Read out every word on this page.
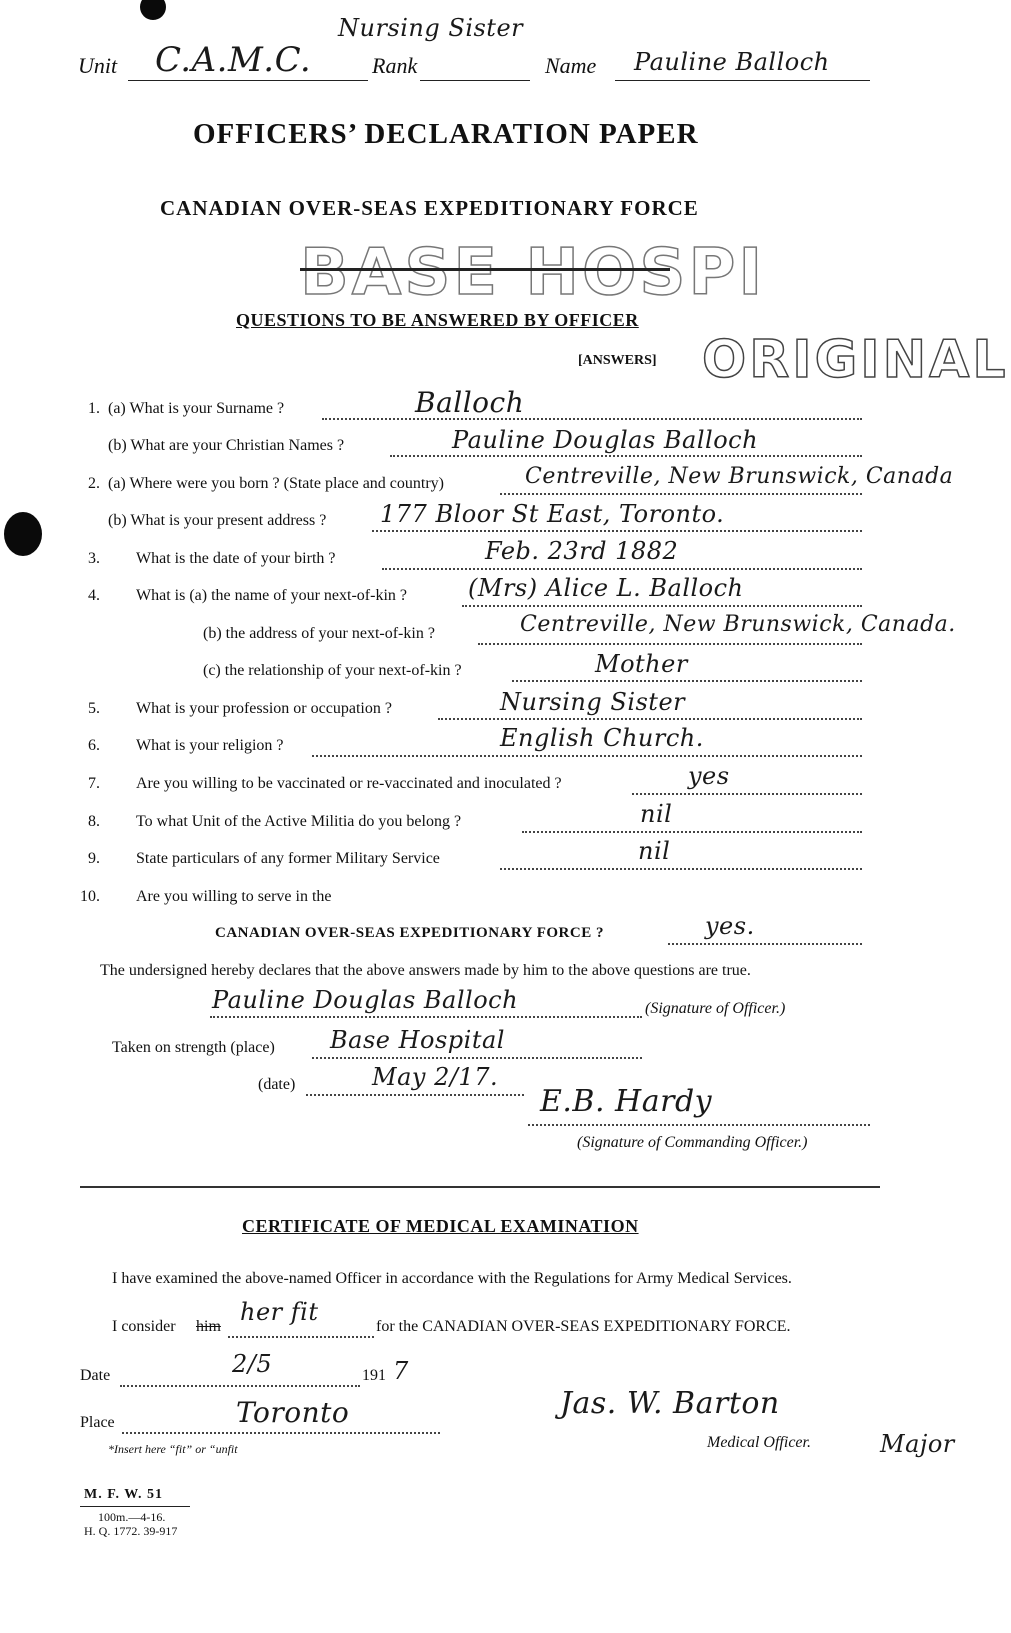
Unit C.A.M.C.
Nursing Sister
Rank	Name Pauline Balloch
OFFICERS’ DECLARATION PAPER
CANADIAN OVER-SEAS EXPEDITIONARY FORCE
BASE HOSPI
QUESTIONS TO BE ANSWERED BY OFFICER
[ANSWERS] ORIGINAL
1. (a) What is your Surname ?	Balloch
(b) What are your Christian Names ?	Pauline Douglas Balloch
2. (a) Where were you born ? (State place and country)	Centreville, New Brunswick, Canada
(b) What is your present address ? 177 Bloor St East, Toronto.
3. What is the date of your birth ?	Feb. 23rd 1882
4. What is (a) the name of your next-of-kin ?	(Mrs) Alice L. Balloch
(b) the address of your next-of-kin ?	Centreville, New Brunswick, Canada.
(c) the relationship of your next-of-kin ?	Mother
5. What is your profession or occupation ?	Nursing Sister
6. What is your religion ?	English Church.
7. Are you willing to be vaccinated or re-vaccinated and inoculated ?	yes
8. To what Unit of the Active Militia do you belong ?	nil
9. State particulars of any former Military Service	nil
10. Are you willing to serve in the
CANADIAN OVER-SEAS EXPEDITIONARY FORCE ?	yes.
The undersigned hereby declares that the above answers made by him to the above questions are true.
Pauline Douglas Balloch	(Signature of Officer.)
Taken on strength (place) Base Hospital
(date)	May 2/17.
E.B. Hardy
(Signature of Commanding Officer.)
CERTIFICATE OF MEDICAL EXAMINATION
I have examined the above-named Officer in accordance with the Regulations for Army Medical Services.
I consider him
her fit
for the CANADIAN OVER-SEAS EXPEDITIONARY FORCE.
Date	2/5	191 7
Place	Toronto
*Insert here “fit” or “unfit
Jas. W. Barton
Major
Medical Officer.
M. F. W. 51
100m.—4-16.
H. Q. 1772. 39-917
